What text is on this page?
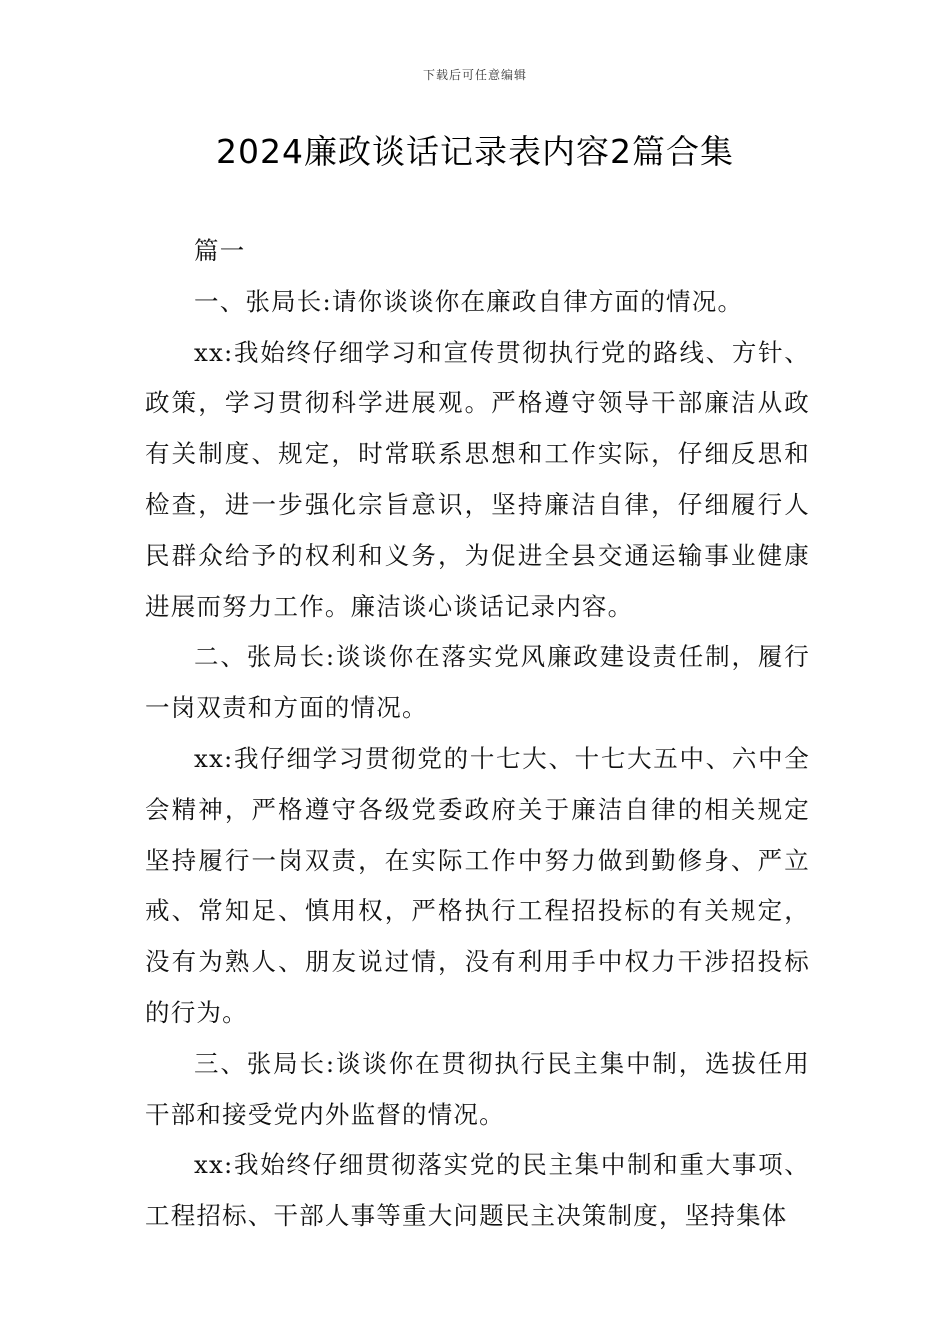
下载后可任意编辑
2024廉政谈话记录表内容2篇合集

篇一

一、张局长:请你谈谈你在廉政自律方面的情况。

xx:我始终仔细学习和宣传贯彻执行党的路线、方针、政策，学习贯彻科学进展观。严格遵守领导干部廉洁从政有关制度、规定，时常联系思想和工作实际，仔细反思和检查，进一步强化宗旨意识，坚持廉洁自律，仔细履行人民群众给予的权利和义务，为促进全县交通运输事业健康进展而努力工作。廉洁谈心谈话记录内容。

二、张局长:谈谈你在落实党风廉政建设责任制，履行一岗双责和方面的情况。

xx:我仔细学习贯彻党的十七大、十七大五中、六中全会精神，严格遵守各级党委政府关于廉洁自律的相关规定坚持履行一岗双责，在实际工作中努力做到勤修身、严立戒、常知足、慎用权，严格执行工程招投标的有关规定，没有为熟人、朋友说过情，没有利用手中权力干涉招投标的行为。

三、张局长:谈谈你在贯彻执行民主集中制，选拔任用干部和接受党内外监督的情况。

xx:我始终仔细贯彻落实党的民主集中制和重大事项、工程招标、干部人事等重大问题民主决策制度，坚持集体
